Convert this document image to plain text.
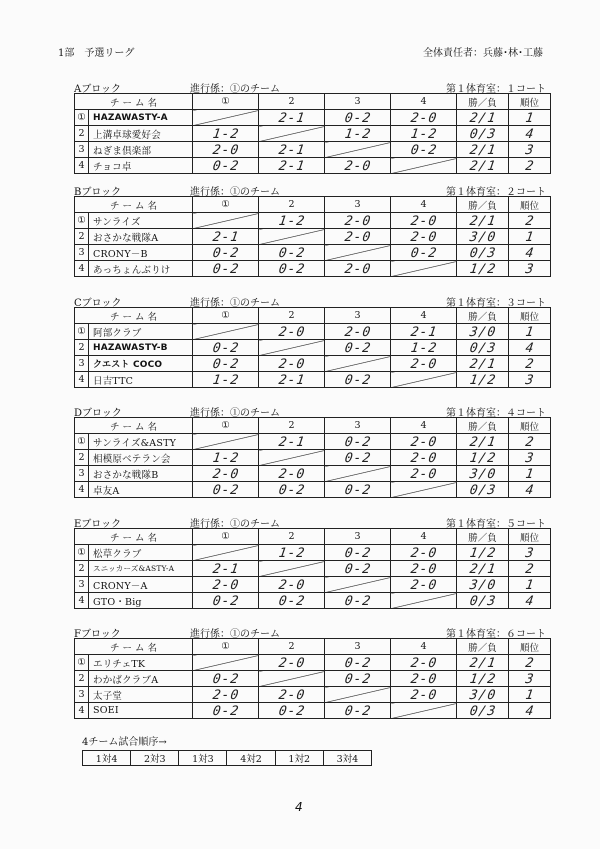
1部　予選リーグ	全体責任者：兵藤･林･工藤
Aブロック	進行係：①のチーム	第１体育室：１コート
チ ー ム 名		①	2	3	4	勝／負	順位
①	HAZAWASTY-A		2-1	0-2	2-0	2/1	1
2	上溝卓球愛好会	1-2		1-2	1-2	0/3	4
3	ねぎま倶楽部	2-0	2-1		0-2	2/1	3
4	チョコ卓	0-2	2-1	2-0		2/1	2
Bブロック	進行係：①のチーム	第１体育室：２コート
チ ー ム 名		①	2	3	4	勝／負	順位
①	サンライズ		1-2	2-0	2-0	2/1	2
2	おさかな戦隊A	2-1		2-0	2-0	3/0	1
3	CRONY－B	0-2	0-2		0-2	0/3	4
4	あっちょんぶりけ	0-2	0-2	2-0		1/2	3
Cブロック	進行係：①のチーム	第１体育室：３コート
チ ー ム 名		①	2	3	4	勝／負	順位
①	阿部クラブ		2-0	2-0	2-1	3/0	1
2	HAZAWASTY-B	0-2		0-2	1-2	0/3	4
3	クエスト COCO	0-2	2-0		2-0	2/1	2
4	日吉TTC	1-2	2-1	0-2		1/2	3
Dブロック	進行係：①のチーム	第１体育室：４コート
チ ー ム 名		①	2	3	4	勝／負	順位
①	サンライズ&ASTY		2-1	0-2	2-0	2/1	2
2	相模原ベテラン会	1-2		0-2	2-0	1/2	3
3	おさかな戦隊B	2-0	2-0		2-0	3/0	1
4	卓友A	0-2	0-2	0-2		0/3	4
Eブロック	進行係：①のチーム	第１体育室：５コート
チ ー ム 名		①	2	3	4	勝／負	順位
①	松草クラブ		1-2	0-2	2-0	1/2	3
2	スニッカーズ&ASTY-A	2-1		0-2	2-0	2/1	2
3	CRONY－A	2-0	2-0		2-0	3/0	1
4	GTO・Big	0-2	0-2	0-2		0/3	4
Fブロック	進行係：①のチーム	第１体育室：６コート
チ ー ム 名		①	2	3	4	勝／負	順位
①	エリチェTK		2-0	0-2	2-0	2/1	2
2	わかばクラブA	0-2		0-2	2-0	1/2	3
3	太子堂	2-0	2-0		2-0	3/0	1
4	SOEI	0-2	0-2	0-2		0/3	4
4チーム試合順序→
1対4	2対3	1対3	4対2	1対2	3対4
4
